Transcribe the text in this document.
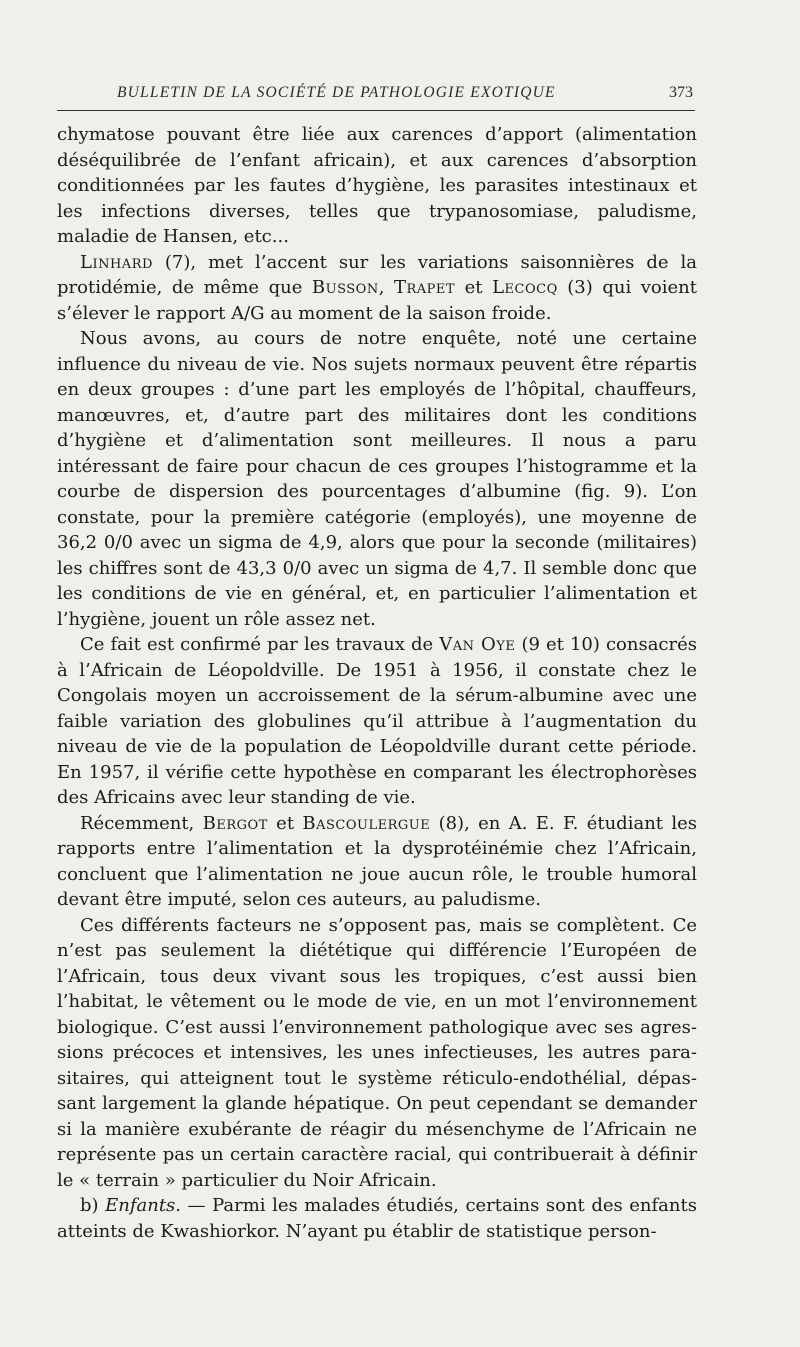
BULLETIN DE LA SOCIÉTÉ DE PATHOLOGIE EXOTIQUE	373

chymatose pouvant être liée aux carences d’apport (alimentation déséquilibrée de l’enfant africain), et aux carences d’absorption conditionnées par les fautes d’hygiène, les parasites intestinaux et les infections diverses, telles que trypanosomiase, paludisme, maladie de Hansen, etc...

Linhard (7), met l’accent sur les variations saisonnières de la protidémie, de même que Busson, Trapet et Lecocq (3) qui voient s’élever le rapport A/G au moment de la saison froide.

Nous avons, au cours de notre enquête, noté une certaine influence du niveau de vie. Nos sujets normaux peuvent être répartis en deux groupes : d’une part les employés de l’hôpital, chauffeurs, manœuvres, et, d’autre part des militaires dont les conditions d’hygiène et d’alimentation sont meilleures. Il nous a paru intéressant de faire pour chacun de ces groupes l’histogramme et la courbe de dispersion des pourcentages d’albumine (fig. 9). L’on constate, pour la première catégorie (employés), une moyenne de 36,2 0/0 avec un sigma de 4,9, alors que pour la seconde (militaires) les chiffres sont de 43,3 0/0 avec un sigma de 4,7. Il semble donc que les conditions de vie en général, et, en particulier l’alimentation et l’hygiène, jouent un rôle assez net.

Ce fait est confirmé par les travaux de Van Oye (9 et 10) consacrés à l’Africain de Léopoldville. De 1951 à 1956, il constate chez le Congolais moyen un accroissement de la sérum-albumine avec une faible variation des globulines qu’il attribue à l’augmentation du niveau de vie de la population de Léopoldville durant cette période. En 1957, il vérifie cette hypothèse en comparant les électrophorèses des Africains avec leur standing de vie.

Récemment, Bergot et Bascoulergue (8), en A. E. F. étudiant les rapports entre l’alimentation et la dysprotéinémie chez l’Africain, concluent que l’alimentation ne joue aucun rôle, le trouble humoral devant être imputé, selon ces auteurs, au paludisme.

Ces différents facteurs ne s’opposent pas, mais se complètent. Ce n’est pas seulement la diététique qui différencie l’Européen de l’Africain, tous deux vivant sous les tropiques, c’est aussi bien l’habitat, le vêtement ou le mode de vie, en un mot l’environnement biologique. C’est aussi l’environnement pathologique avec ses agressions précoces et intensives, les unes infectieuses, les autres parasitaires, qui atteignent tout le système réticulo-endothélial, dépassant largement la glande hépatique. On peut cependant se demander si la manière exubérante de réagir du mésenchyme de l’Africain ne représente pas un certain caractère racial, qui contribuerait à définir le « terrain » particulier du Noir Africain.

b) Enfants. — Parmi les malades étudiés, certains sont des enfants atteints de Kwashiorkor. N’ayant pu établir de statistique person-
